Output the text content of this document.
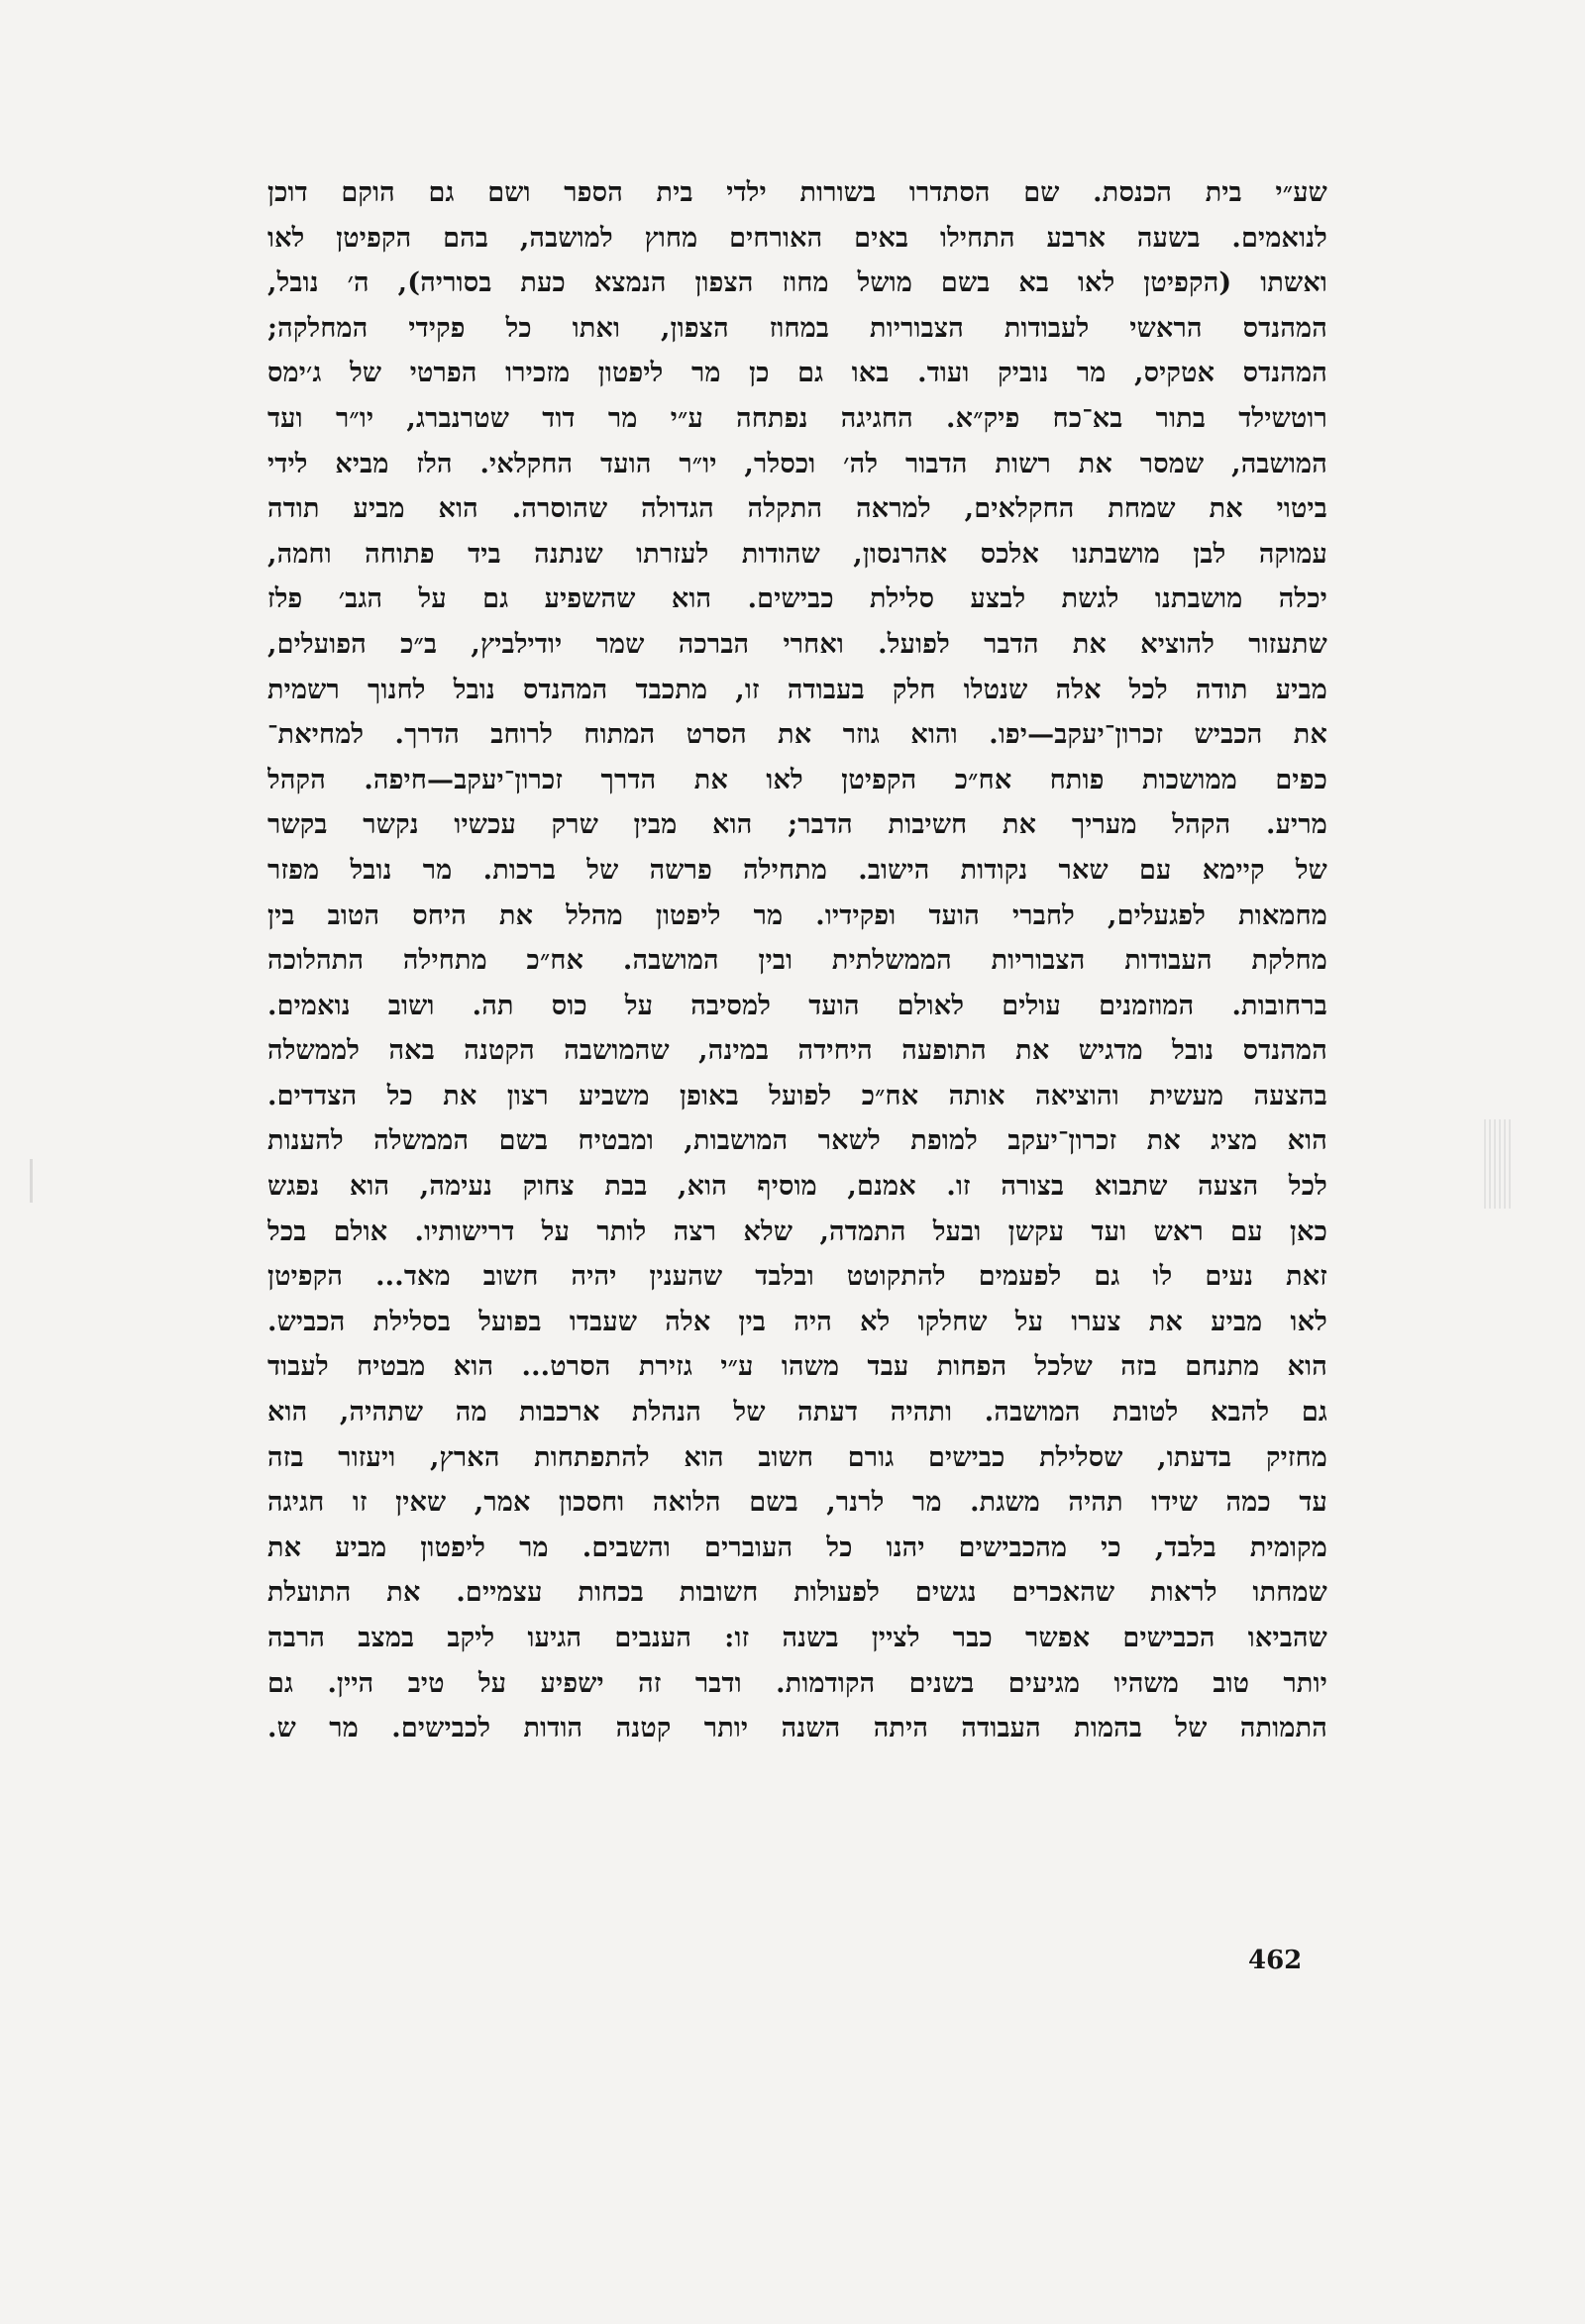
שע״י בית הכנסת. שם הסתדרו בשורות ילדי בית הספר ושם גם הוקם דוכן
לנואמים. בשעה ארבע התחילו באים האורחים מחוץ למושבה, בהם הקפיטן לאו
ואשתו (הקפיטן לאו בא בשם מושל מחוז הצפון הנמצא כעת בסוריה), ה׳ נובל,
המהנדס הראשי לעבודות הצבוריות במחוז הצפון, ואתו כל פקידי המחלקה;
המהנדס אטקיס, מר נוביק ועוד. באו גם כן מר ליפטון מזכירו הפרטי של ג׳ימס
רוטשילד בתור בא־כח פיק״א. החגיגה נפתחה ע״י מר דוד שטרנברג, יו״ר ועד
המושבה, שמסר את רשות הדבור לה׳ וכסלר, יו״ר הועד החקלאי. הלז מביא לידי
ביטוי את שמחת החקלאים, למראה התקלה הגדולה שהוסרה. הוא מביע תודה
עמוקה לבן מושבתנו אלכס אהרנסון, שהודות לעזרתו שנתנה ביד פתוחה וחמה,
יכלה מושבתנו לגשת לבצע סלילת כבישים. הוא שהשפיע גם על הגב׳ פלז
שתעזור להוציא את הדבר לפועל. ואחרי הברכה שמר יודילביץ, ב״כ הפועלים,
מביע תודה לכל אלה שנטלו חלק בעבודה זו, מתכבד המהנדס נובל לחנוך רשמית
את הכביש זכרון־יעקב—יפו. והוא גוזר את הסרט המתוח לרוחב הדרך. למחיאת־
כפים ממושכות פותח אח״כ הקפיטן לאו את הדרך זכרון־יעקב—חיפה. הקהל
מריע. הקהל מעריך את חשיבות הדבר; הוא מבין שרק עכשיו נקשר בקשר
של קיימא עם שאר נקודות הישוב. מתחילה פרשה של ברכות. מר נובל מפזר
מחמאות לפגעלים, לחברי הועד ופקידיו. מר ליפטון מהלל את היחס הטוב בין
מחלקת העבודות הצבוריות הממשלתית ובין המושבה. אח״כ מתחילה התהלוכה
ברחובות. המוזמנים עולים לאולם הועד למסיבה על כוס תה. ושוב נואמים.
המהנדס נובל מדגיש את התופעה היחידה במינה, שהמושבה הקטנה באה לממשלה
בהצעה מעשית והוציאה אותה אח״כ לפועל באופן משביע רצון את כל הצדדים.
הוא מציג את זכרון־יעקב למופת לשאר המושבות, ומבטיח בשם הממשלה להענות
לכל הצעה שתבוא בצורה זו. אמנם, מוסיף הוא, בבת צחוק נעימה, הוא נפגש
כאן עם ראש ועד עקשן ובעל התמדה, שלא רצה לותר על דרישותיו. אולם בכל
זאת נעים לו גם לפעמים להתקוטט ובלבד שהענין יהיה חשוב מאד... הקפיטן
לאו מביע את צערו על שחלקו לא היה בין אלה שעבדו בפועל בסלילת הכביש.
הוא מתנחם בזה שלכל הפחות עבד משהו ע״י גזירת הסרט... הוא מבטיח לעבוד
גם להבא לטובת המושבה. ותהיה דעתה של הנהלת ארכבות מה שתהיה, הוא
מחזיק בדעתו, שסלילת כבישים גורם חשוב הוא להתפתחות הארץ, ויעזור בזה
עד כמה שידו תהיה משגת. מר לרנר, בשם הלואה וחסכון אמר, שאין זו חגיגה
מקומית בלבד, כי מהכבישים יהנו כל העוברים והשבים. מר ליפטון מביע את
שמחתו לראות שהאכרים נגשים לפעולות חשובות בכחות עצמיים. את התועלת
שהביאו הכבישים אפשר כבר לציין בשנה זו: הענבים הגיעו ליקב במצב הרבה
יותר טוב משהיו מגיעים בשנים הקודמות. ודבר זה ישפיע על טיב היין. גם
התמותה של בהמות העבודה היתה השנה יותר קטנה הודות לכבישים. מר ש.
462
